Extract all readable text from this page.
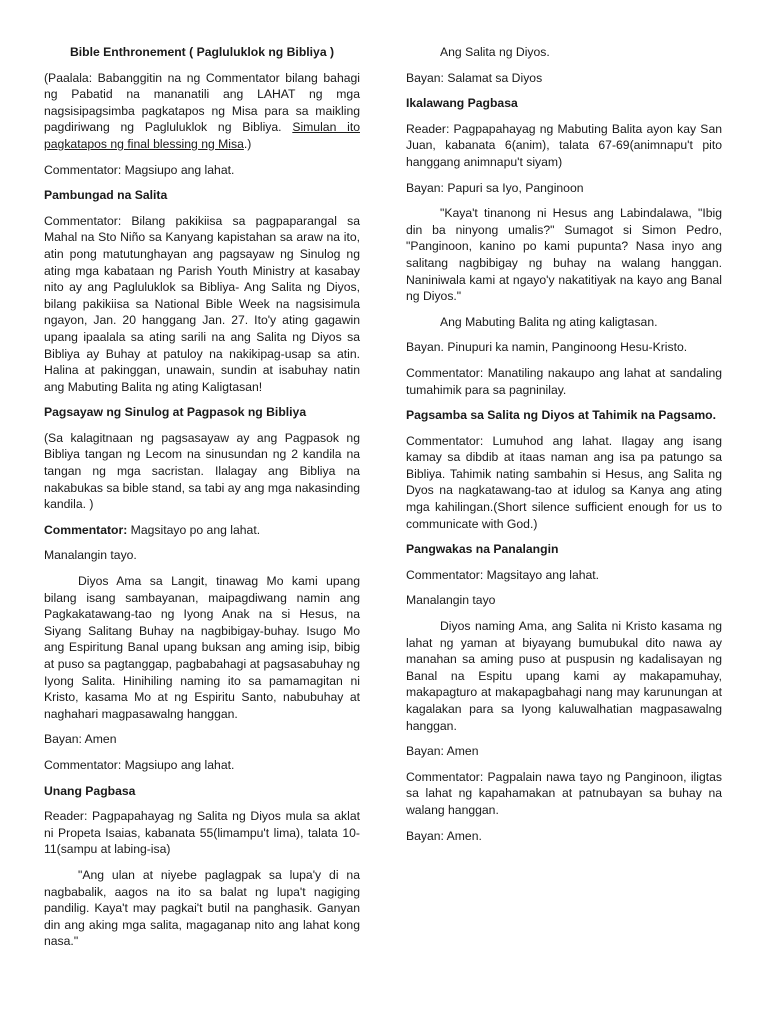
Bible Enthronement ( Pagluluklok ng Bibliya )

(Paalala: Babanggitin na ng Commentator bilang bahagi ng Pabatid na mananatili ang LAHAT ng mga nagsisipagsimba pagkatapos ng Misa para sa maikling pagdiriwang ng Pagluluklok ng Bibliya. Simulan ito pagkatapos ng final blessing ng Misa.)

Commentator: Magsiupo ang lahat.

Pambungad na Salita

Commentator: Bilang pakikiisa sa pagpaparangal sa Mahal na Sto Niño sa Kanyang kapistahan sa araw na ito, atin pong matutunghayan ang pagsayaw ng Sinulog ng ating mga kabataan ng Parish Youth Ministry at kasabay nito ay ang Pagluluklok sa Bibliya- Ang Salita ng Diyos, bilang pakikiisa sa National Bible Week na nagsisimula ngayon, Jan. 20 hanggang Jan. 27. Ito'y ating gagawin upang ipaalala sa ating sarili na ang Salita ng Diyos sa Bibliya ay Buhay at patuloy na nakikipag-usap sa atin. Halina at pakinggan, unawain, sundin at isabuhay natin ang Mabuting Balita ng ating Kaligtasan!

Pagsayaw ng Sinulog at Pagpasok ng Bibliya

(Sa kalagitnaan ng pagsasayaw ay ang Pagpasok ng Bibliya tangan ng Lecom na sinusundan ng 2 kandila na tangan ng mga sacristan. Ilalagay ang Bibliya na nakabukas sa bible stand, sa tabi ay ang mga nakasinding kandila. )

Commentator: Magsitayo po ang lahat.

Manalangin tayo.

Diyos Ama sa Langit, tinawag Mo kami upang bilang isang sambayanan, maipagdiwang namin ang Pagkakatawang-tao ng Iyong Anak na si Hesus, na Siyang Salitang Buhay na nagbibigay-buhay. Isugo Mo ang Espiritung Banal upang buksan ang aming isip, bibig at puso sa pagtanggap, pagbabahagi at pagsasabuhay ng Iyong Salita. Hinihiling naming ito sa pamamagitan ni Kristo, kasama Mo at ng Espiritu Santo, nabubuhay at naghahari magpasawalng hanggan.

Bayan: Amen

Commentator: Magsiupo ang lahat.

Unang Pagbasa

Reader: Pagpapahayag ng Salita ng Diyos mula sa aklat ni Propeta Isaias, kabanata 55(limampu't lima), talata 10-11(sampu at labing-isa)

"Ang ulan at niyebe paglagpak sa lupa'y di na nagbabalik, aagos na ito sa balat ng lupa't nagiging pandilig. Kaya't may pagkai't butil na panghasik. Ganyan din ang aking mga salita, magaganap nito ang lahat kong nasa."

Ang Salita ng Diyos.

Bayan: Salamat sa Diyos

Ikalawang Pagbasa

Reader: Pagpapahayag ng Mabuting Balita ayon kay San Juan, kabanata 6(anim), talata 67-69(animnapu't pito hanggang animnapu't siyam)

Bayan: Papuri sa Iyo, Panginoon

"Kaya't tinanong ni Hesus ang Labindalawa, "Ibig din ba ninyong umalis?" Sumagot si Simon Pedro, "Panginoon, kanino po kami pupunta? Nasa inyo ang salitang nagbibigay ng buhay na walang hanggan. Naniniwala kami at ngayo'y nakatitiyak na kayo ang Banal ng Diyos."

Ang Mabuting Balita ng ating kaligtasan.

Bayan. Pinupuri ka namin, Panginoong Hesu-Kristo.

Commentator: Manatiling nakaupo ang lahat at sandaling tumahimik para sa pagninilay.

Pagsamba sa Salita ng Diyos at Tahimik na Pagsamo.

Commentator: Lumuhod ang lahat. Ilagay ang isang kamay sa dibdib at itaas naman ang isa pa patungo sa Bibliya. Tahimik nating sambahin si Hesus, ang Salita ng Dyos na nagkatawang-tao at idulog sa Kanya ang ating mga kahilingan.(Short silence sufficient enough for us to communicate with God.)

Pangwakas na Panalangin

Commentator: Magsitayo ang lahat.

Manalangin tayo

Diyos naming Ama, ang Salita ni Kristo kasama ng lahat ng yaman at biyayang bumubukal dito nawa ay manahan sa aming puso at puspusin ng kadalisayan ng Banal na Espitu upang kami ay makapamuhay, makapagturo at makapagbahagi nang may karunungan at kagalakan para sa Iyong kaluwalhatian magpasawalng hanggan.

Bayan: Amen

Commentator: Pagpalain nawa tayo ng Panginoon, iligtas sa lahat ng kapahamakan at patnubayan sa buhay na walang hanggan.

Bayan: Amen.
